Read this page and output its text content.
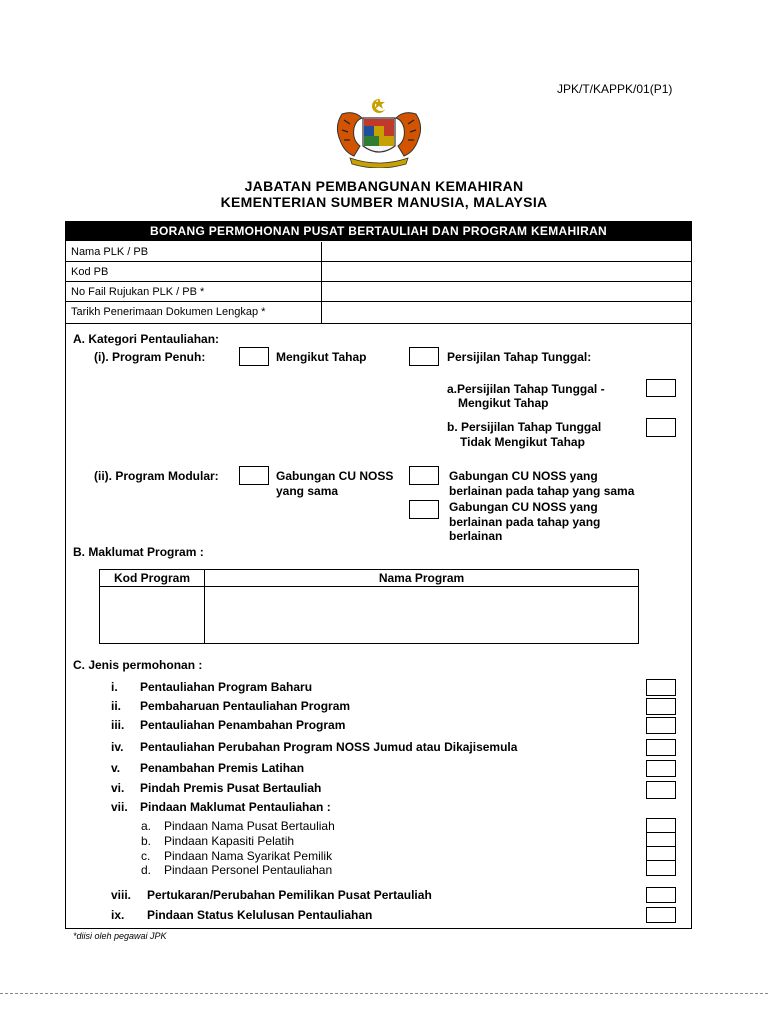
JPK/T/KAPPK/01(P1)
JABATAN PEMBANGUNAN KEMAHIRAN
KEMENTERIAN SUMBER MANUSIA, MALAYSIA
BORANG PERMOHONAN PUSAT BERTAULIAH DAN PROGRAM KEMAHIRAN
Nama PLK / PB
Kod PB
No Fail Rujukan PLK / PB *
Tarikh Penerimaan Dokumen Lengkap *
A. Kategori Pentauliahan:
(i). Program Penuh:	Mengikut Tahap	Persijilan Tahap Tunggal:
a.Persijilan Tahap Tunggal -
Mengikut Tahap
b. Persijilan Tahap Tunggal
Tidak Mengikut Tahap
(ii). Program Modular:	Gabungan CU NOSS
yang sama
Gabungan CU NOSS yang
berlainan pada tahap yang sama
Gabungan CU NOSS yang
berlainan pada tahap yang
berlainan
B. Maklumat Program :
Kod Program	Nama Program
C. Jenis permohonan :
i. Pentauliahan Program Baharu
ii. Pembaharuan Pentauliahan Program
iii. Pentauliahan Penambahan Program
iv. Pentauliahan Perubahan Program NOSS Jumud atau Dikajisemula
v. Penambahan Premis Latihan
vi. Pindah Premis Pusat Bertauliah
vii. Pindaan Maklumat Pentauliahan :
a. Pindaan Nama Pusat Bertauliah
b. Pindaan Kapasiti Pelatih
c. Pindaan Nama Syarikat Pemilik
d. Pindaan Personel Pentauliahan
viii. Pertukaran/Perubahan Pemilikan Pusat Pertauliah
ix. Pindaan Status Kelulusan Pentauliahan
*diisi oleh pegawai JPK
